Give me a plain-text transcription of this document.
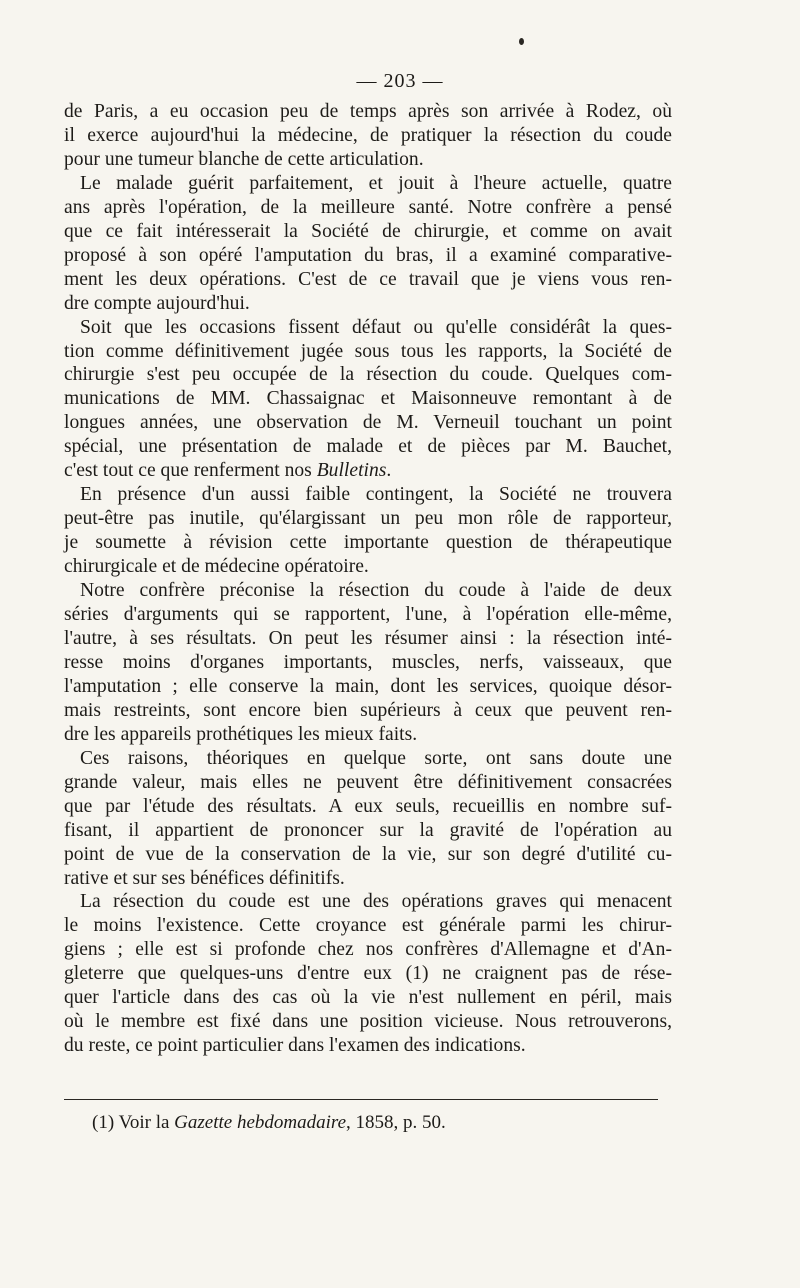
— 203 —
de Paris, a eu occasion peu de temps après son arrivée à Rodez, où
il exerce aujourd'hui la médecine, de pratiquer la résection du coude
pour une tumeur blanche de cette articulation.
Le malade guérit parfaitement, et jouit à l'heure actuelle, quatre
ans après l'opération, de la meilleure santé. Notre confrère a pensé
que ce fait intéresserait la Société de chirurgie, et comme on avait
proposé à son opéré l'amputation du bras, il a examiné comparative-
ment les deux opérations. C'est de ce travail que je viens vous ren-
dre compte aujourd'hui.
Soit que les occasions fissent défaut ou qu'elle considérât la ques-
tion comme définitivement jugée sous tous les rapports, la Société de
chirurgie s'est peu occupée de la résection du coude. Quelques com-
munications de MM. Chassaignac et Maisonneuve remontant à de
longues années, une observation de M. Verneuil touchant un point
spécial, une présentation de malade et de pièces par M. Bauchet,
c'est tout ce que renferment nos Bulletins.
En présence d'un aussi faible contingent, la Société ne trouvera
peut-être pas inutile, qu'élargissant un peu mon rôle de rapporteur,
je soumette à révision cette importante question de thérapeutique
chirurgicale et de médecine opératoire.
Notre confrère préconise la résection du coude à l'aide de deux
séries d'arguments qui se rapportent, l'une, à l'opération elle-même,
l'autre, à ses résultats. On peut les résumer ainsi : la résection inté-
resse moins d'organes importants, muscles, nerfs, vaisseaux, que
l'amputation ; elle conserve la main, dont les services, quoique désor-
mais restreints, sont encore bien supérieurs à ceux que peuvent ren-
dre les appareils prothétiques les mieux faits.
Ces raisons, théoriques en quelque sorte, ont sans doute une
grande valeur, mais elles ne peuvent être définitivement consacrées
que par l'étude des résultats. A eux seuls, recueillis en nombre suf-
fisant, il appartient de prononcer sur la gravité de l'opération au
point de vue de la conservation de la vie, sur son degré d'utilité cu-
rative et sur ses bénéfices définitifs.
La résection du coude est une des opérations graves qui menacent
le moins l'existence. Cette croyance est générale parmi les chirur-
giens ; elle est si profonde chez nos confrères d'Allemagne et d'An-
gleterre que quelques-uns d'entre eux (1) ne craignent pas de rése-
quer l'article dans des cas où la vie n'est nullement en péril, mais
où le membre est fixé dans une position vicieuse. Nous retrouverons,
du reste, ce point particulier dans l'examen des indications.
(1) Voir la Gazette hebdomadaire, 1858, p. 50.
